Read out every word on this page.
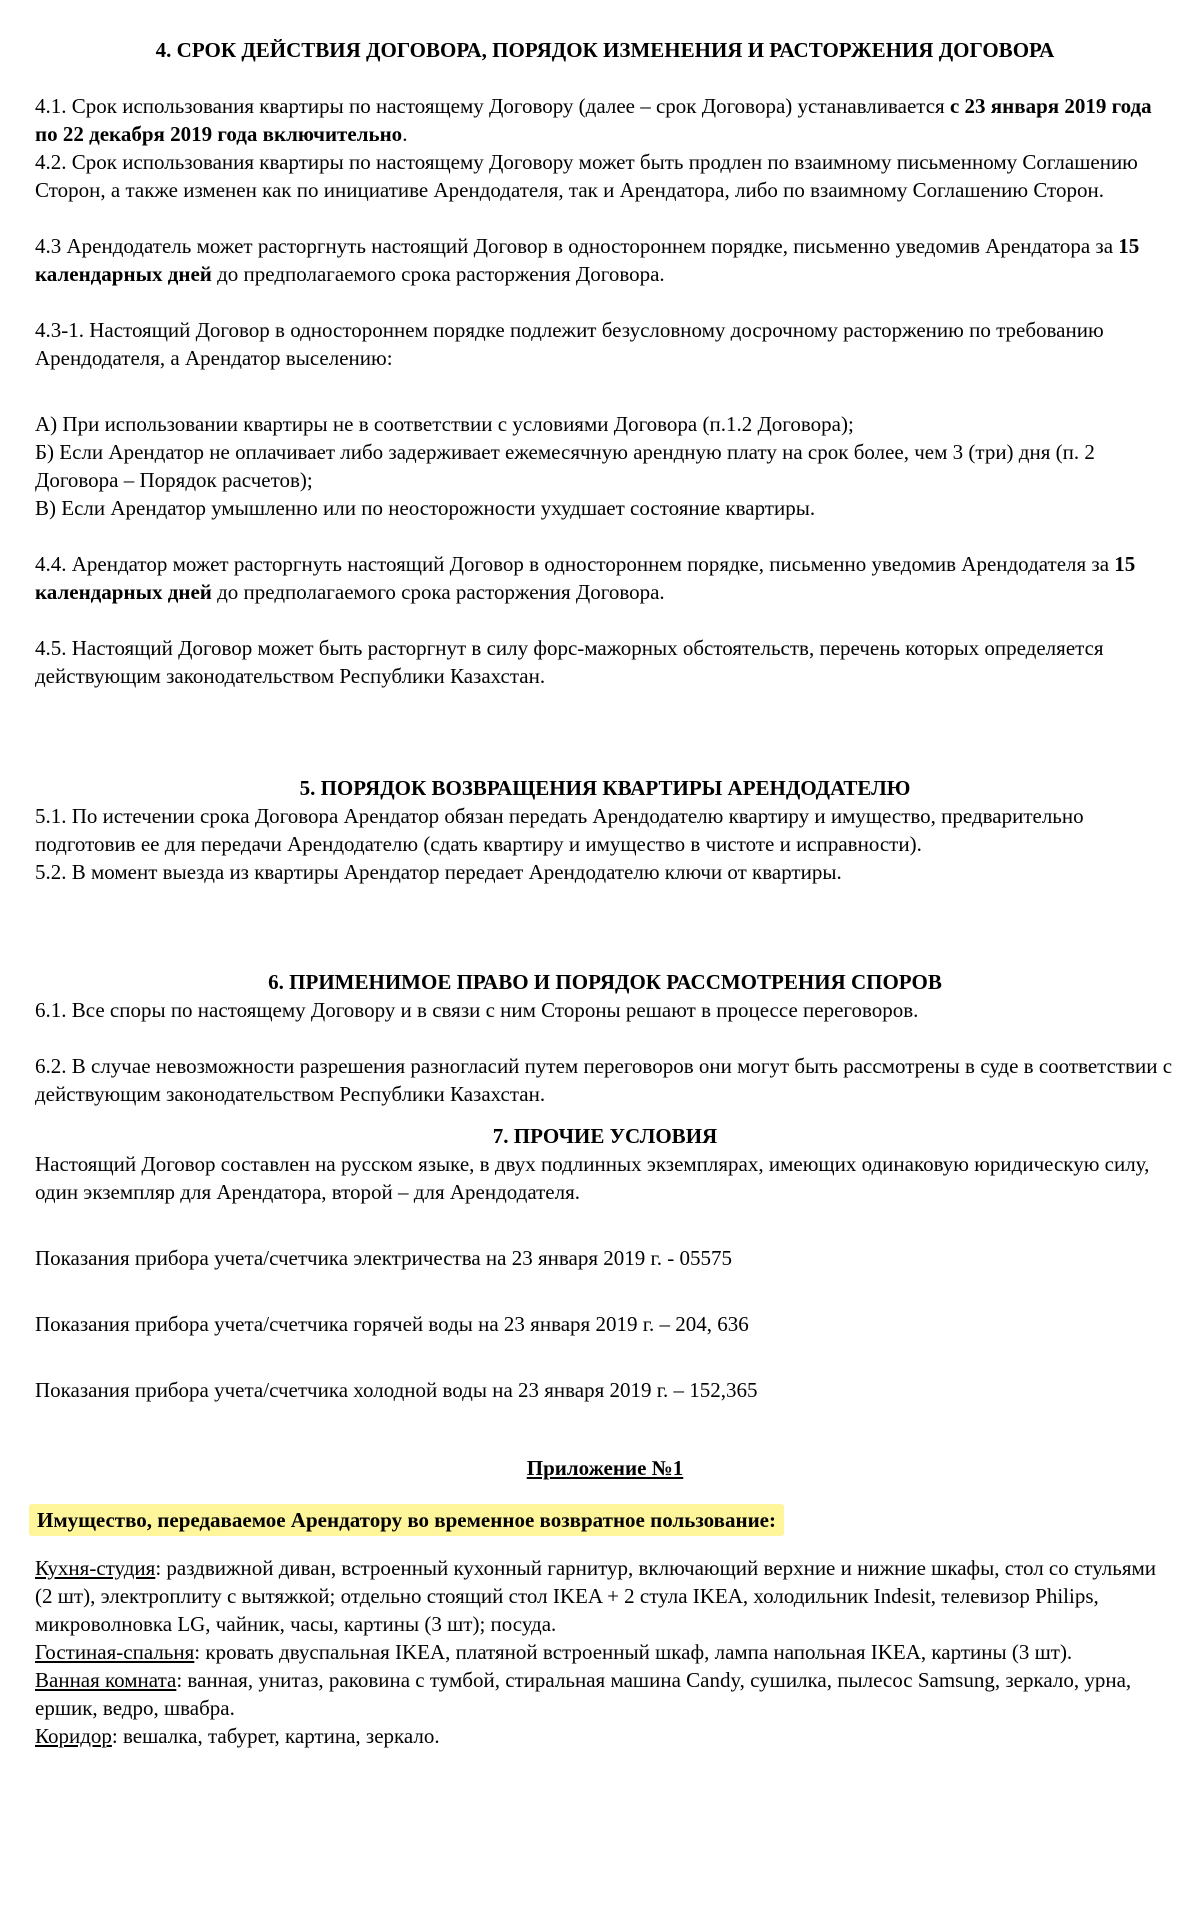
4. СРОК ДЕЙСТВИЯ ДОГОВОРА, ПОРЯДОК ИЗМЕНЕНИЯ И РАСТОРЖЕНИЯ ДОГОВОРА

4.1. Срок использования квартиры по настоящему Договору (далее – срок Договора) устанавливается с 23 января 2019 года по 22 декабря 2019 года включительно.

4.2. Срок использования квартиры по настоящему Договору может быть продлен по взаимному письменному Соглашению Сторон, а также изменен как по инициативе Арендодателя, так и Арендатора, либо по взаимному Соглашению Сторон.

4.3 Арендодатель может расторгнуть настоящий Договор в одностороннем порядке, письменно уведомив Арендатора за 15 календарных дней до предполагаемого срока расторжения Договора.

4.3-1. Настоящий Договор в одностороннем порядке подлежит безусловному досрочному расторжению по требованию Арендодателя, а Арендатор выселению:

А) При использовании квартиры не в соответствии с условиями Договора (п.1.2 Договора);

Б) Если Арендатор не оплачивает либо задерживает ежемесячную арендную плату на срок более, чем 3 (три) дня (п. 2 Договора – Порядок расчетов);

В) Если Арендатор умышленно или по неосторожности ухудшает состояние квартиры.

4.4. Арендатор может расторгнуть настоящий Договор в одностороннем порядке, письменно уведомив Арендодателя за 15 календарных дней до предполагаемого срока расторжения Договора.

4.5. Настоящий Договор может быть расторгнут в силу форс-мажорных обстоятельств, перечень которых определяется действующим законодательством Республики Казахстан.

5. ПОРЯДОК ВОЗВРАЩЕНИЯ КВАРТИРЫ АРЕНДОДАТЕЛЮ

5.1. По истечении срока Договора Арендатор обязан передать Арендодателю квартиру и имущество, предварительно подготовив ее для передачи Арендодателю (сдать квартиру и имущество в чистоте и исправности).

5.2. В момент выезда из квартиры Арендатор передает Арендодателю ключи от квартиры.

6. ПРИМЕНИМОЕ ПРАВО И ПОРЯДОК РАССМОТРЕНИЯ СПОРОВ

6.1. Все споры по настоящему Договору и в связи с ним Стороны решают в процессе переговоров.

6.2. В случае невозможности разрешения разногласий путем переговоров они могут быть рассмотрены в суде в соответствии с действующим законодательством Республики Казахстан.

7. ПРОЧИЕ УСЛОВИЯ

Настоящий Договор составлен на русском языке, в двух подлинных экземплярах, имеющих одинаковую юридическую силу, один экземпляр для Арендатора, второй – для Арендодателя.

Показания прибора учета/счетчика электричества на 23 января 2019 г. - 05575

Показания прибора учета/счетчика горячей воды на 23 января 2019 г. – 204, 636

Показания прибора учета/счетчика холодной воды на 23 января 2019 г. – 152,365

Приложение №1
Имущество, передаваемое Арендатору во временное возвратное пользование:

Кухня-студия: раздвижной диван, встроенный кухонный гарнитур, включающий верхние и нижние шкафы, стол со стульями (2 шт), электроплиту с вытяжкой; отдельно стоящий стол IKEA + 2 стула IKEA, холодильник Indesit, телевизор Philips, микроволновка LG, чайник, часы, картины (3 шт); посуда.

Гостиная-спальня: кровать двуспальная IKEA, платяной встроенный шкаф, лампа напольная IKEA, картины (3 шт).

Ванная комната: ванная, унитаз, раковина с тумбой, стиральная машина Candy, сушилка, пылесос Samsung, зеркало, урна, ершик, ведро, швабра.

Коридор: вешалка, табурет, картина, зеркало.
